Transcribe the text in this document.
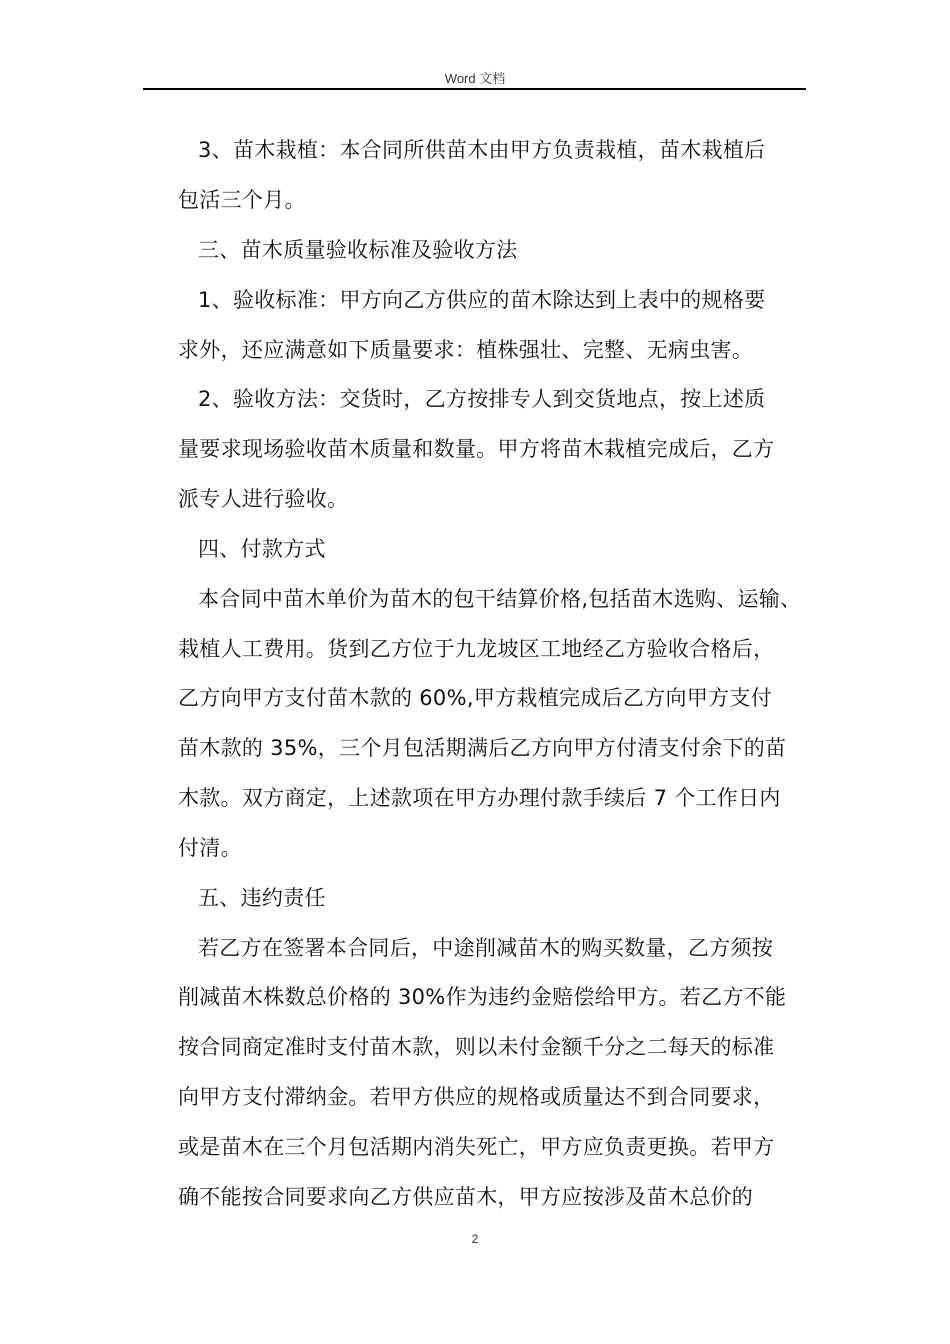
Word 文档
3、苗木栽植：本合同所供苗木由甲方负责栽植，苗木栽植后
包活三个月。
三、苗木质量验收标准及验收方法
1、验收标准：甲方向乙方供应的苗木除达到上表中的规格要
求外，还应满意如下质量要求：植株强壮、完整、无病虫害。
2、验收方法：交货时，乙方按排专人到交货地点，按上述质
量要求现场验收苗木质量和数量。甲方将苗木栽植完成后，乙方
派专人进行验收。
四、付款方式
本合同中苗木单价为苗木的包干结算价格,包括苗木选购、运输、
栽植人工费用。货到乙方位于九龙坡区工地经乙方验收合格后，
乙方向甲方支付苗木款的 60%,甲方栽植完成后乙方向甲方支付
苗木款的 35%，三个月包活期满后乙方向甲方付清支付余下的苗
木款。双方商定，上述款项在甲方办理付款手续后 7 个工作日内
付清。
五、违约责任
若乙方在签署本合同后，中途削减苗木的购买数量，乙方须按
削减苗木株数总价格的 30%作为违约金赔偿给甲方。若乙方不能
按合同商定准时支付苗木款，则以未付金额千分之二每天的标准
向甲方支付滞纳金。若甲方供应的规格或质量达不到合同要求，
或是苗木在三个月包活期内消失死亡，甲方应负责更换。若甲方
确不能按合同要求向乙方供应苗木，甲方应按涉及苗木总价的
2
